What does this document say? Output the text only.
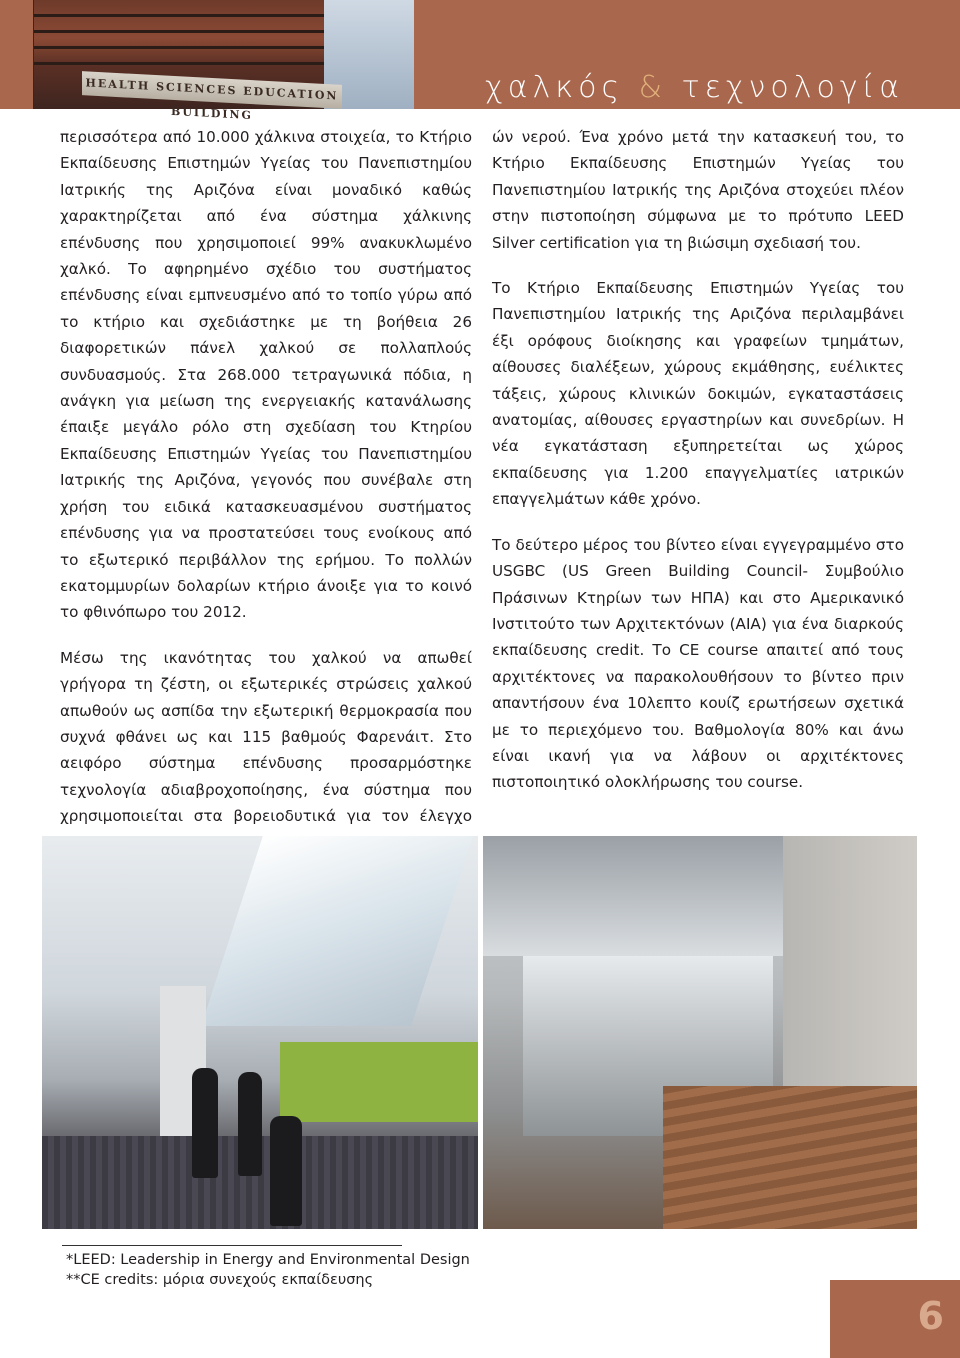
HEALTH SCIENCES EDUCATION BUILDING
χαλκός & τεχνολογία

περισσότερα από 10.000 χάλκινα στοιχεία, το Κτήριο Εκπαίδευσης Επιστημών Υγείας του Πανεπιστημίου Ιατρικής της Αριζόνα είναι μοναδικό καθώς χαρακτηρίζεται από ένα σύστημα χάλκινης επένδυσης που χρησιμοποιεί 99% ανακυκλωμένο χαλκό. Το αφηρημένο σχέδιο του συστήματος επένδυσης είναι εμπνευσμένο από το τοπίο γύρω από το κτήριο και σχεδιάστηκε με τη βοήθεια 26 διαφορετικών πάνελ χαλκού σε πολλαπλούς συνδυασμούς. Στα 268.000 τετραγωνικά πόδια, η ανάγκη για μείωση της ενεργειακής κατανάλωσης έπαιξε μεγάλο ρόλο στη σχεδίαση του Κτηρίου Εκπαίδευσης Επιστημών Υγείας του Πανεπιστημίου Ιατρικής της Αριζόνα, γεγονός που συνέβαλε στη χρήση του ειδικά κατασκευασμένου συστήματος επένδυσης για να προστατεύσει τους ενοίκους από το εξωτερικό περιβάλλον της ερήμου. Το πολλών εκατομμυρίων δολαρίων κτήριο άνοιξε για το κοινό το φθινόπωρο του 2012.

Μέσω της ικανότητας του χαλκού να απωθεί γρήγορα τη ζέστη, οι εξωτερικές στρώσεις χαλκού απωθούν ως ασπίδα την εξωτερική θερμοκρασία που συχνά φθάνει ως και 115 βαθμούς Φαρενάιτ. Στο αειφόρο σύστημα επένδυσης προσαρμόστηκε τεχνολογία αδιαβροχοποίησης, ένα σύστημα που χρησιμοποιείται στα βορειοδυτικά για τον έλεγχο

ών νερού. Ένα χρόνο μετά την κατασκευή του, το Κτήριο Εκπαίδευσης Επιστημών Υγείας του Πανεπιστημίου Ιατρικής της Αριζόνα στοχεύει πλέον στην πιστοποίηση σύμφωνα με το πρότυπο LEED Silver certification για τη βιώσιμη σχεδιασή του.

Το Κτήριο Εκπαίδευσης Επιστημών Υγείας του Πανεπιστημίου Ιατρικής της Αριζόνα περιλαμβάνει έξι ορόφους διοίκησης και γραφείων τμημάτων, αίθουσες διαλέξεων, χώρους εκμάθησης, ευέλικτες τάξεις, χώρους κλινικών δοκιμών, εγκαταστάσεις ανατομίας, αίθουσες εργαστηρίων και συνεδρίων. Η νέα εγκατάσταση εξυπηρετείται ως χώρος εκπαίδευσης για 1.200 επαγγελματίες ιατρικών επαγγελμάτων κάθε χρόνο.

Το δεύτερο μέρος του βίντεο είναι εγγεγραμμένο στο USGBC (US Green Building Council- Συμβούλιο Πράσινων Κτηρίων των ΗΠΑ) και στο Αμερικανικό Ινστιτούτο των Αρχιτεκτόνων (AIA) για ένα διαρκούς εκπαίδευσης credit. Το CE course απαιτεί από τους αρχιτέκτονες να παρακολουθήσουν το βίντεο πριν απαντήσουν ένα 10λεπτο κουίζ ερωτήσεων σχετικά με το περιεχόμενο του. Βαθμολογία 80% και άνω είναι ικανή για να λάβουν οι αρχιτέκτονες πιστοποιητικό ολοκλήρωσης του course.

*LEED: Leadership in Energy and Environmental Design
**CE credits: μόρια συνεχούς εκπαίδευσης
6
